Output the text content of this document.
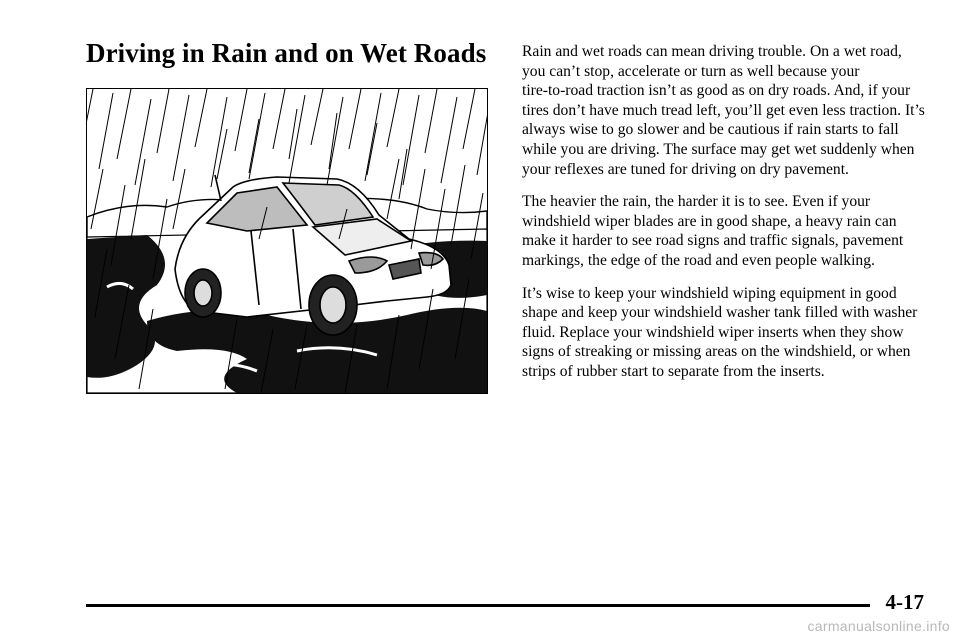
Driving in Rain and on Wet Roads Rain and wet roads can mean driving trouble. On a wet road, you can’t stop, accelerate or turn as well because your tire‑to‑road traction isn’t as good as on dry roads. And, if your tires don’t have much tread left, you’ll get even less traction. It’s always wise to go slower and be cautious if rain starts to fall while you are driving. The surface may get wet suddenly when your reflexes are tuned for driving on dry pavement.

The heavier the rain, the harder it is to see. Even if your windshield wiper blades are in good shape, a heavy rain can make it harder to see road signs and traffic signals, pavement markings, the edge of the road and even people walking.

It’s wise to keep your windshield wiping equipment in good shape and keep your windshield washer tank filled with washer fluid. Replace your windshield wiper inserts when they show signs of streaking or missing areas on the windshield, or when strips of rubber start to separate from the inserts.

4-17

carmanualsonline.info
